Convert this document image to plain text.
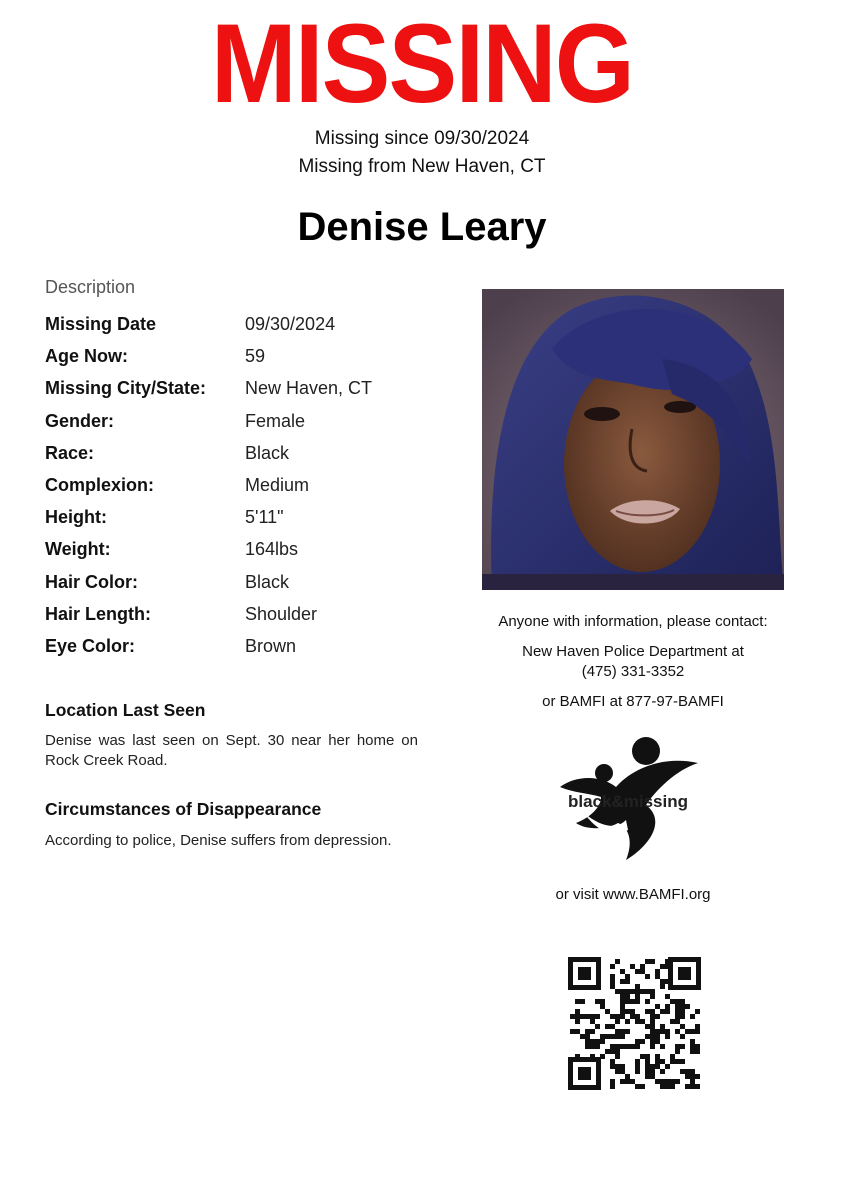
MISSING
Missing since 09/30/2024
Missing from New Haven, CT
Denise Leary
Description
Missing Date	09/30/2024
Age Now:	59
Missing City/State: New Haven, CT
Gender:	Female
Race:	Black
Complexion:	Medium
Height:	5'11"
Weight:	164lbs
Hair Color:	Black
Hair Length:	Shoulder
Eye Color:	Brown
Location Last Seen
Denise was last seen on Sept. 30 near her home on Rock Creek Road.
Circumstances of Disappearance
According to police, Denise suffers from depression.
Anyone with information, please contact:
New Haven Police Department at
(475) 331-3352
or BAMFI at 877-97-BAMFI
black&missing
or visit www.BAMFI.org
